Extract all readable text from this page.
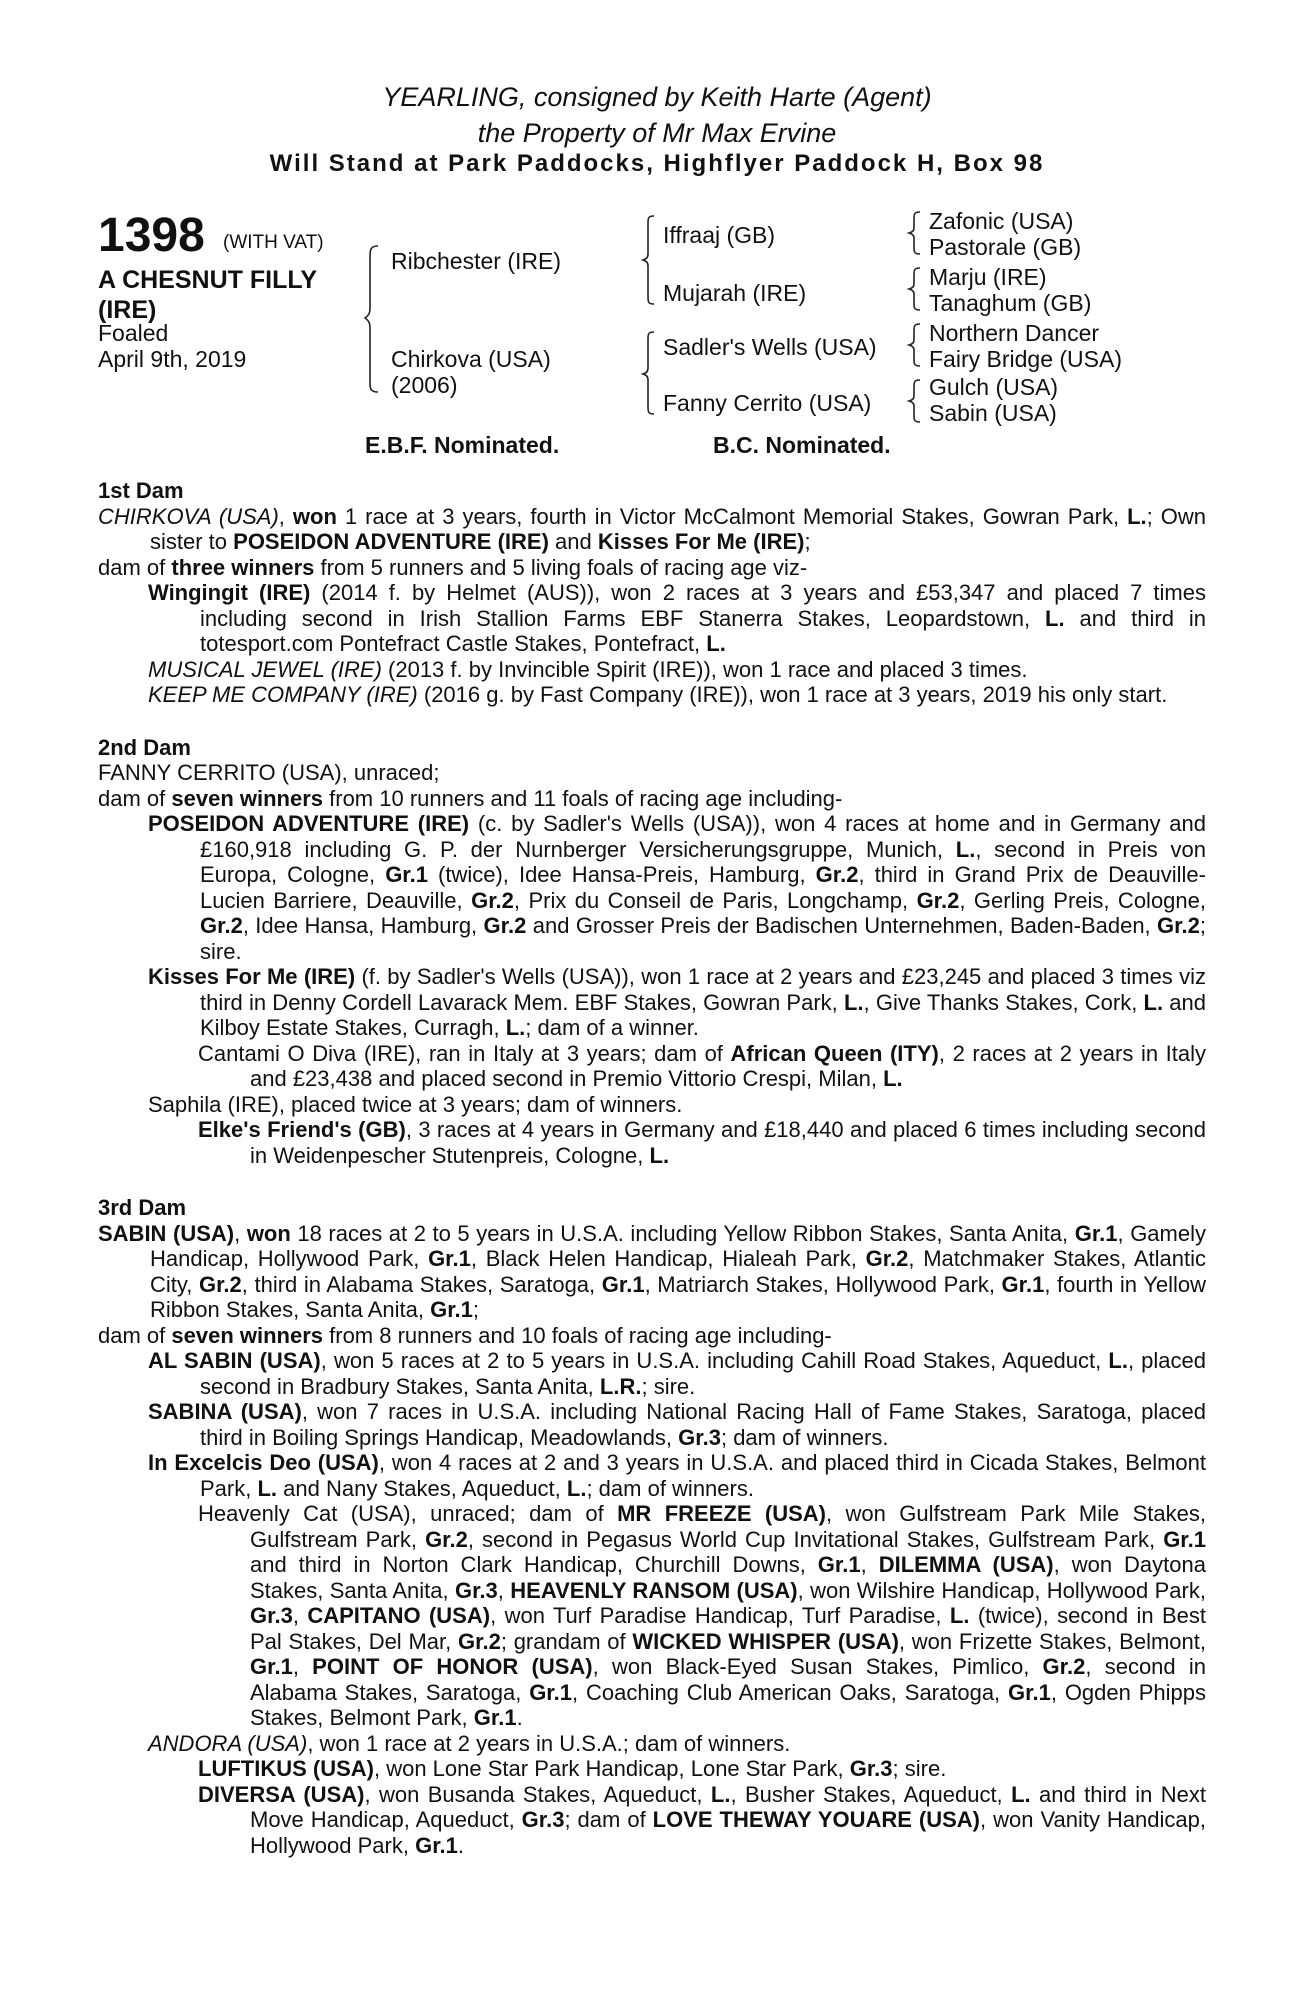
YEARLING, consigned by Keith Harte (Agent)
the Property of Mr Max Ervine
Will Stand at Park Paddocks, Highflyer Paddock H, Box 98
1398 (WITH VAT)
A CHESNUT FILLY
(IRE)
Foaled
April 9th, 2019
Ribchester (IRE)
Chirkova (USA)
(2006)
Iffraaj (GB)
Mujarah (IRE)
Sadler's Wells (USA)
Fanny Cerrito (USA)
Zafonic (USA)
Pastorale (GB)
Marju (IRE)
Tanaghum (GB)
Northern Dancer
Fairy Bridge (USA)
Gulch (USA)
Sabin (USA)
E.B.F. Nominated.	B.C. Nominated.
1st Dam

CHIRKOVA (USA), won 1 race at 3 years, fourth in Victor McCalmont Memorial Stakes, Gowran Park, L.; Own sister to POSEIDON ADVENTURE (IRE) and Kisses For Me (IRE);

dam of three winners from 5 runners and 5 living foals of racing age viz-

Wingingit (IRE) (2014 f. by Helmet (AUS)), won 2 races at 3 years and £53,347 and placed 7 times including second in Irish Stallion Farms EBF Stanerra Stakes, Leopardstown, L. and third in totesport.com Pontefract Castle Stakes, Pontefract, L.

MUSICAL JEWEL (IRE) (2013 f. by Invincible Spirit (IRE)), won 1 race and placed 3 times.

KEEP ME COMPANY (IRE) (2016 g. by Fast Company (IRE)), won 1 race at 3 years, 2019 his only start.

2nd Dam

FANNY CERRITO (USA), unraced;

dam of seven winners from 10 runners and 11 foals of racing age including-

POSEIDON ADVENTURE (IRE) (c. by Sadler's Wells (USA)), won 4 races at home and in Germany and £160,918 including G. P. der Nurnberger Versicherungsgruppe, Munich, L., second in Preis von Europa, Cologne, Gr.1 (twice), Idee Hansa-Preis, Hamburg, Gr.2, third in Grand Prix de Deauville-Lucien Barriere, Deauville, Gr.2, Prix du Conseil de Paris, Longchamp, Gr.2, Gerling Preis, Cologne, Gr.2, Idee Hansa, Hamburg, Gr.2 and Grosser Preis der Badischen Unternehmen, Baden-Baden, Gr.2; sire.

Kisses For Me (IRE) (f. by Sadler's Wells (USA)), won 1 race at 2 years and £23,245 and placed 3 times viz third in Denny Cordell Lavarack Mem. EBF Stakes, Gowran Park, L., Give Thanks Stakes, Cork, L. and Kilboy Estate Stakes, Curragh, L.; dam of a winner.

Cantami O Diva (IRE), ran in Italy at 3 years; dam of African Queen (ITY), 2 races at 2 years in Italy and £23,438 and placed second in Premio Vittorio Crespi, Milan, L.

Saphila (IRE), placed twice at 3 years; dam of winners.

Elke's Friend's (GB), 3 races at 4 years in Germany and £18,440 and placed 6 times including second in Weidenpescher Stutenpreis, Cologne, L.

3rd Dam

SABIN (USA), won 18 races at 2 to 5 years in U.S.A. including Yellow Ribbon Stakes, Santa Anita, Gr.1, Gamely Handicap, Hollywood Park, Gr.1, Black Helen Handicap, Hialeah Park, Gr.2, Matchmaker Stakes, Atlantic City, Gr.2, third in Alabama Stakes, Saratoga, Gr.1, Matriarch Stakes, Hollywood Park, Gr.1, fourth in Yellow Ribbon Stakes, Santa Anita, Gr.1;

dam of seven winners from 8 runners and 10 foals of racing age including-

AL SABIN (USA), won 5 races at 2 to 5 years in U.S.A. including Cahill Road Stakes, Aqueduct, L., placed second in Bradbury Stakes, Santa Anita, L.R.; sire.

SABINA (USA), won 7 races in U.S.A. including National Racing Hall of Fame Stakes, Saratoga, placed third in Boiling Springs Handicap, Meadowlands, Gr.3; dam of winners.

In Excelcis Deo (USA), won 4 races at 2 and 3 years in U.S.A. and placed third in Cicada Stakes, Belmont Park, L. and Nany Stakes, Aqueduct, L.; dam of winners.

Heavenly Cat (USA), unraced; dam of MR FREEZE (USA), won Gulfstream Park Mile Stakes, Gulfstream Park, Gr.2, second in Pegasus World Cup Invitational Stakes, Gulfstream Park, Gr.1 and third in Norton Clark Handicap, Churchill Downs, Gr.1, DILEMMA (USA), won Daytona Stakes, Santa Anita, Gr.3, HEAVENLY RANSOM (USA), won Wilshire Handicap, Hollywood Park, Gr.3, CAPITANO (USA), won Turf Paradise Handicap, Turf Paradise, L. (twice), second in Best Pal Stakes, Del Mar, Gr.2; grandam of WICKED WHISPER (USA), won Frizette Stakes, Belmont, Gr.1, POINT OF HONOR (USA), won Black-Eyed Susan Stakes, Pimlico, Gr.2, second in Alabama Stakes, Saratoga, Gr.1, Coaching Club American Oaks, Saratoga, Gr.1, Ogden Phipps Stakes, Belmont Park, Gr.1.

ANDORA (USA), won 1 race at 2 years in U.S.A.; dam of winners.

LUFTIKUS (USA), won Lone Star Park Handicap, Lone Star Park, Gr.3; sire.

DIVERSA (USA), won Busanda Stakes, Aqueduct, L., Busher Stakes, Aqueduct, L. and third in Next Move Handicap, Aqueduct, Gr.3; dam of LOVE THEWAY YOUARE (USA), won Vanity Handicap, Hollywood Park, Gr.1.
